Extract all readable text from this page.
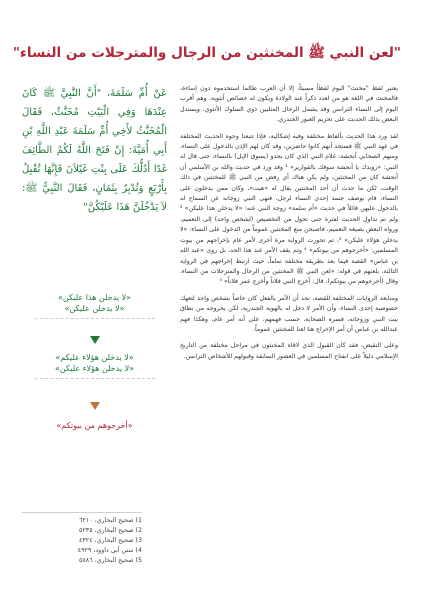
"لعن النبي ﷺ المخنثين من الرجال والمترجلات من النساء"

يعتبر لفظ "مخنث" اليوم لفظاً مسيئاً، إلا أن العرب طالما استخدموه دون إساءة، فالمخنث في اللغة هو من لعدد ذكراً عند الولادة ويكون له خصائص أنثوية، وهم أقرب اليوم إلى النساء الترانس وقد يشمل الرجال المثليين ذوي السلوك الأنثوي. ويستدل البعض بذلك الحديث على تحريم العبور الجندري.

لقد ورد هذا الحديث بألفاظ مختلفة وفيه إشكالية، فإذا تتبعنا وجوه الحديث المختلفة في عهد النبي ﷺ فستجد أنهم كانوا حاضرين، وقد كان لهم الإذن بالدخول على النساء، ومنهم الصحابي أنجشة، غلام النبي الذي كان يحدو (يسوق الإبل) بالنساء، حتى قال له النبي: «رويدك يا أنجشة سوقك بالقوارير» ¹ وقد ورد في حديث والله بن الأسلمي أن أنجشة كان من المخنثين، ولم يكن هناك أي رفض من النبي ﷺ للمخنثين في ذلك الوقت، لكن ما حدث أن أحد المخنثين يقال له «هيت»، وكان ممن يدخلون على النساء، قام بوصف جسد إحدى النساء لرجل، فنهى النبي زوجاته عن السماح له بالدخول عليهن قائلاً في حديث «أم سلمة» زوجة النبي عنه: «لا يدخلن هذا عليكن» ² ولم تم تداول الحديث لفترة حتى تحول من التخصيص (لشخص واحد) إلى التعميم، ورواه البعض بصيغة التعميم، فاصبحن منع المخنثين عموماً من الدخول على النساء: «لا يدخلن هؤلاء عليكن» ³، ثم تحورت الرواية مرة أخرى لأمر عام بإخراجهم من بيوت المسلمين: «أخرجوهم من بيوتكم» ⁴ وثم يقف الأمر عند هذا الحد، بل روى «عبد الله بن عباس» القصة فيما بعد بطريقة مختلفة تماماً، حيث ارتبط إخراجهم في الرواية الثالثة، بلعنهم في قوله: «لعن النبي ﷺ المخنثين من الرجال والمترجلات من النساء، وقال (أخرجوهم من بيوتكم)، قال: أخرج النبي فلاناً وأخرج عمر فلاناً» ⁵

ومتابعة الروايات المختلفة للقصة، نجد أن الأمر بالفعل كان خاصاً بشخص واحد لتعهك خصوصية إحدى النساء، وأن الأمر لا دخل له بالهوية الجندرية، لكن بخروجه من نطاق بيت النبي وزوجاته، فسره الصحابة، حسب فهمهم، على أنه أمر عام، وهكذا فهم عبدالله بن عباس أن أمر الإخراج هنا لعنا للمخنثين عموماً.

وعلى النقيض، فقد كان القبول الذي لاقاه المخنثون في مراحل مختلفة من التاريخ الإسلامي دليلاً على انفتاح المسلمين في العصور السابقة وقبولهم للأشخاص الترانس.

عَنْ أُمِّ سَلَمَةَ، "أَنَّ النَّبِيَّ ﷺ كَانَ عِنْدَهَا وَفِي الْبَيْتِ مُخَنَّثٌ، فَقَالَ الْمُخَنَّثُ لأَخِي أُمِّ سَلَمَةَ عَبْدِ اللَّهِ بْنِ أَبِي أُمَيَّةَ: إِنْ فَتَحَ اللَّهُ لَكُمُ الطَّائِفَ غَدًا أَدُلُّكَ عَلَى بِنْتِ غَيْلاَنَ فَإِنَّهَا تُقْبِلُ بِأَرْبَعٍ وَتُدْبِرُ بِثَمَانٍ، فَقَالَ النَّبِيُّ ﷺ: لاَ يَدْخُلَنَّ هَذَا عَلَيْكُنَّ"
«لا يدخلن هذا عليكن»
«لا يدخلن عليكن»
«لا يدخلن هؤلاء عليكم»
«لا يدخلن هؤلاء عليكن»
«أخرجوهم من بيوتكم»
1) صحيح البخاري، ٦٢١٠
2) صحيح البخاري، ٥٢٣٥
3) صحيح البخاري، ٤٣٢٤
4) سنن أبي داوود، ٤٩٢٩
5) صحيح البخاري، ٥٨٨٦
